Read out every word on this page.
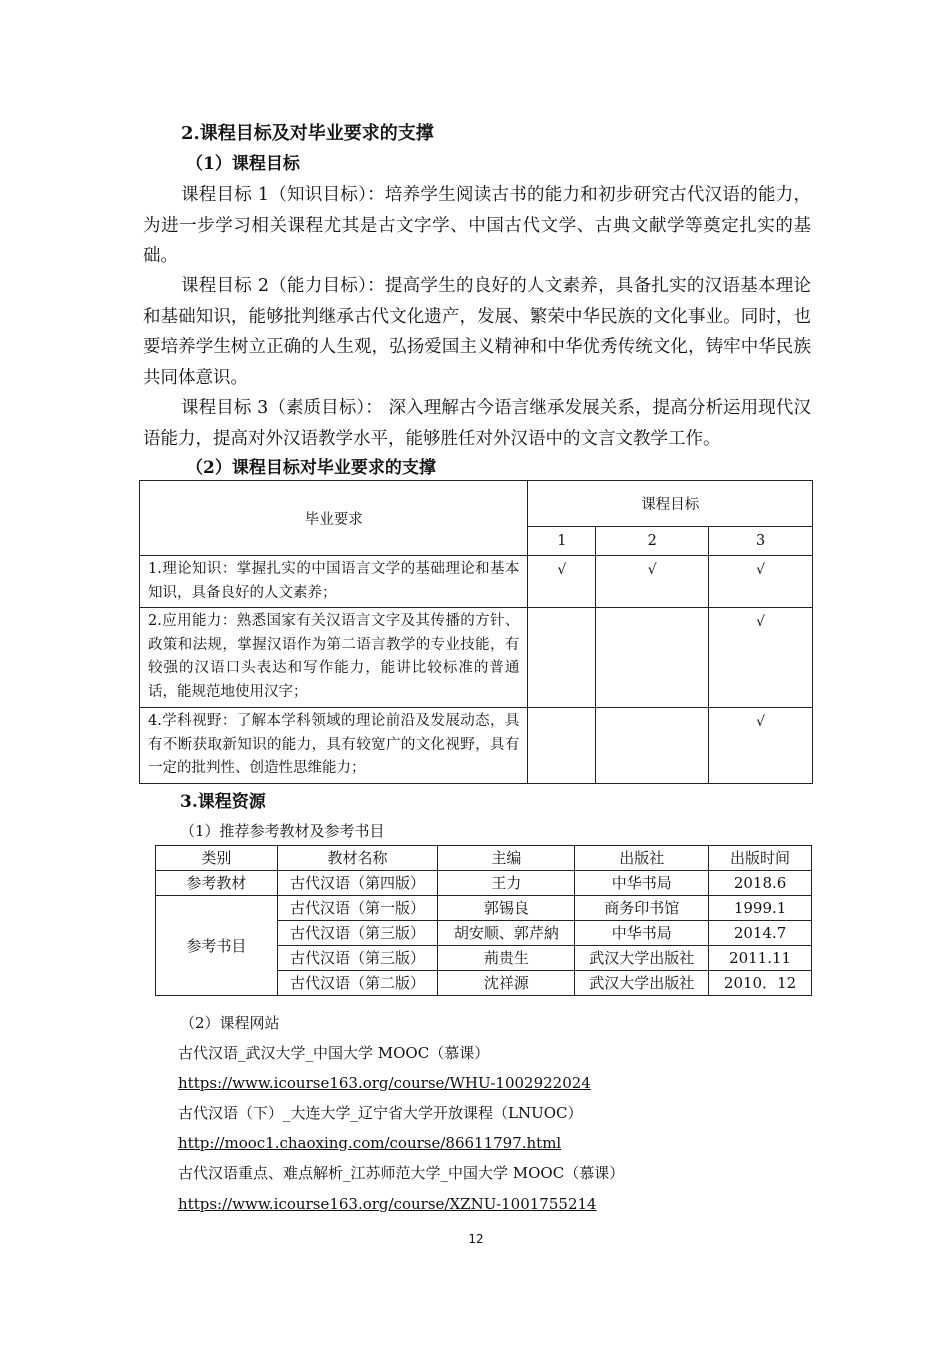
2.课程目标及对毕业要求的支撑
（1）课程目标

课程目标 1（知识目标）：培养学生阅读古书的能力和初步研究古代汉语的能力，为进一步学习相关课程尤其是古文字学、中国古代文学、古典文献学等奠定扎实的基础。

课程目标 2（能力目标）：提高学生的良好的人文素养，具备扎实的汉语基本理论和基础知识，能够批判继承古代文化遗产，发展、繁荣中华民族的文化事业。同时，也要培养学生树立正确的人生观，弘扬爱国主义精神和中华优秀传统文化，铸牢中华民族共同体意识。

课程目标 3（素质目标）： 深入理解古今语言继承发展关系，提高分析运用现代汉语能力，提高对外汉语教学水平，能够胜任对外汉语中的文言文教学工作。

（2）课程目标对毕业要求的支撑
毕业要求	课程目标		
	1	2	3
1.理论知识：掌握扎实的中国语言文学的基础理论和基本知识，具备良好的人文素养；	√	√	√
2.应用能力：熟悉国家有关汉语言文字及其传播的方针、政策和法规，掌握汉语作为第二语言教学的专业技能，有较强的汉语口头表达和写作能力，能讲比较标准的普通话，能规范地使用汉字；			√
4.学科视野：了解本学科领域的理论前沿及发展动态，具有不断获取新知识的能力，具有较宽广的文化视野，具有一定的批判性、创造性思维能力；			√
3.课程资源
（1）推荐参考教材及参考书目
类别	教材名称	主编	出版社	出版时间
参考教材	古代汉语（第四版）	王力	中华书局	2018.6
参考书目	古代汉语（第一版）	郭锡良	商务印书馆	1999.1
	古代汉语（第三版）	胡安顺、郭芹納	中华书局	2014.7
	古代汉语（第三版）	荊贵生	武汉大学出版社	2011.11
	古代汉语（第二版）	沈祥源	武汉大学出版社	2010．12
（2）课程网站
古代汉语_武汉大学_中国大学 MOOC（慕课）
https://www.icourse163.org/course/WHU-1002922024
古代汉语（下）_大连大学_辽宁省大学开放课程（LNUOC）
http://mooc1.chaoxing.com/course/86611797.html
古代汉语重点、难点解析_江苏师范大学_中国大学 MOOC（慕课）
https://www.icourse163.org/course/XZNU-1001755214
12
